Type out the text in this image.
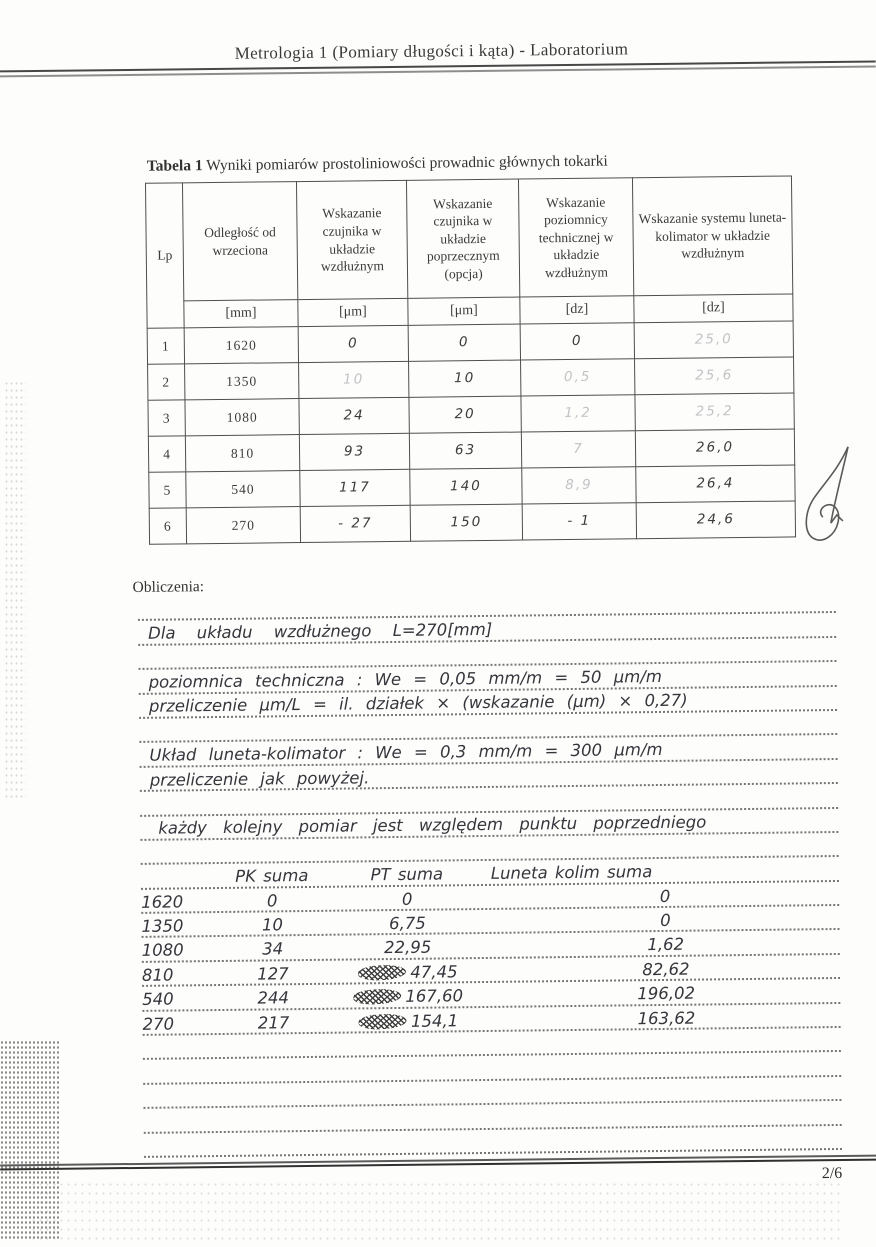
Metrologia 1 (Pomiary długości i kąta) - Laboratorium
Tabela 1 Wyniki pomiarów prostoliniowości prowadnic głównych tokarki
Lp	Odległość od wrzeciona	Wskazanie czujnika w układzie wzdłużnym	Wskazanie czujnika w układzie poprzecznym (opcja)	Wskazanie poziomnicy technicznej w układzie wzdłużnym	Wskazanie systemu luneta-kolimator w układzie wzdłużnym
	[mm]	[μm]	[μm]	[dz]	[dz]
1	1620	0	0	0	25,0
2	1350	10	10	0,5	25,6
3	1080	24	20	1,2	25,2
4	810	93	63	7	26,0
5	540	117	140	8,9	26,4
6	270	- 27	150	- 1	24,6
Obliczenia:
Dla układu wzdłużnego L=270[mm]
poziomnica techniczna : We = 0,05 mm/m = 50 μm/m
przeliczenie μm/L = il. działek × (wskazanie (μm) × 0,27)
Układ luneta-kolimator : We = 0,3 mm/m = 300 μm/m
przeliczenie jak powyżej.
każdy kolejny pomiar jest względem punktu poprzedniego
PK suma	PT suma	Luneta kolim suma
1620	0	0	0
1350	10	6,75	0
1080	34	22,95	1,62
810	127	47,45	82,62
540	244	167,60	196,02
270	217	154,1	163,62
2/6
